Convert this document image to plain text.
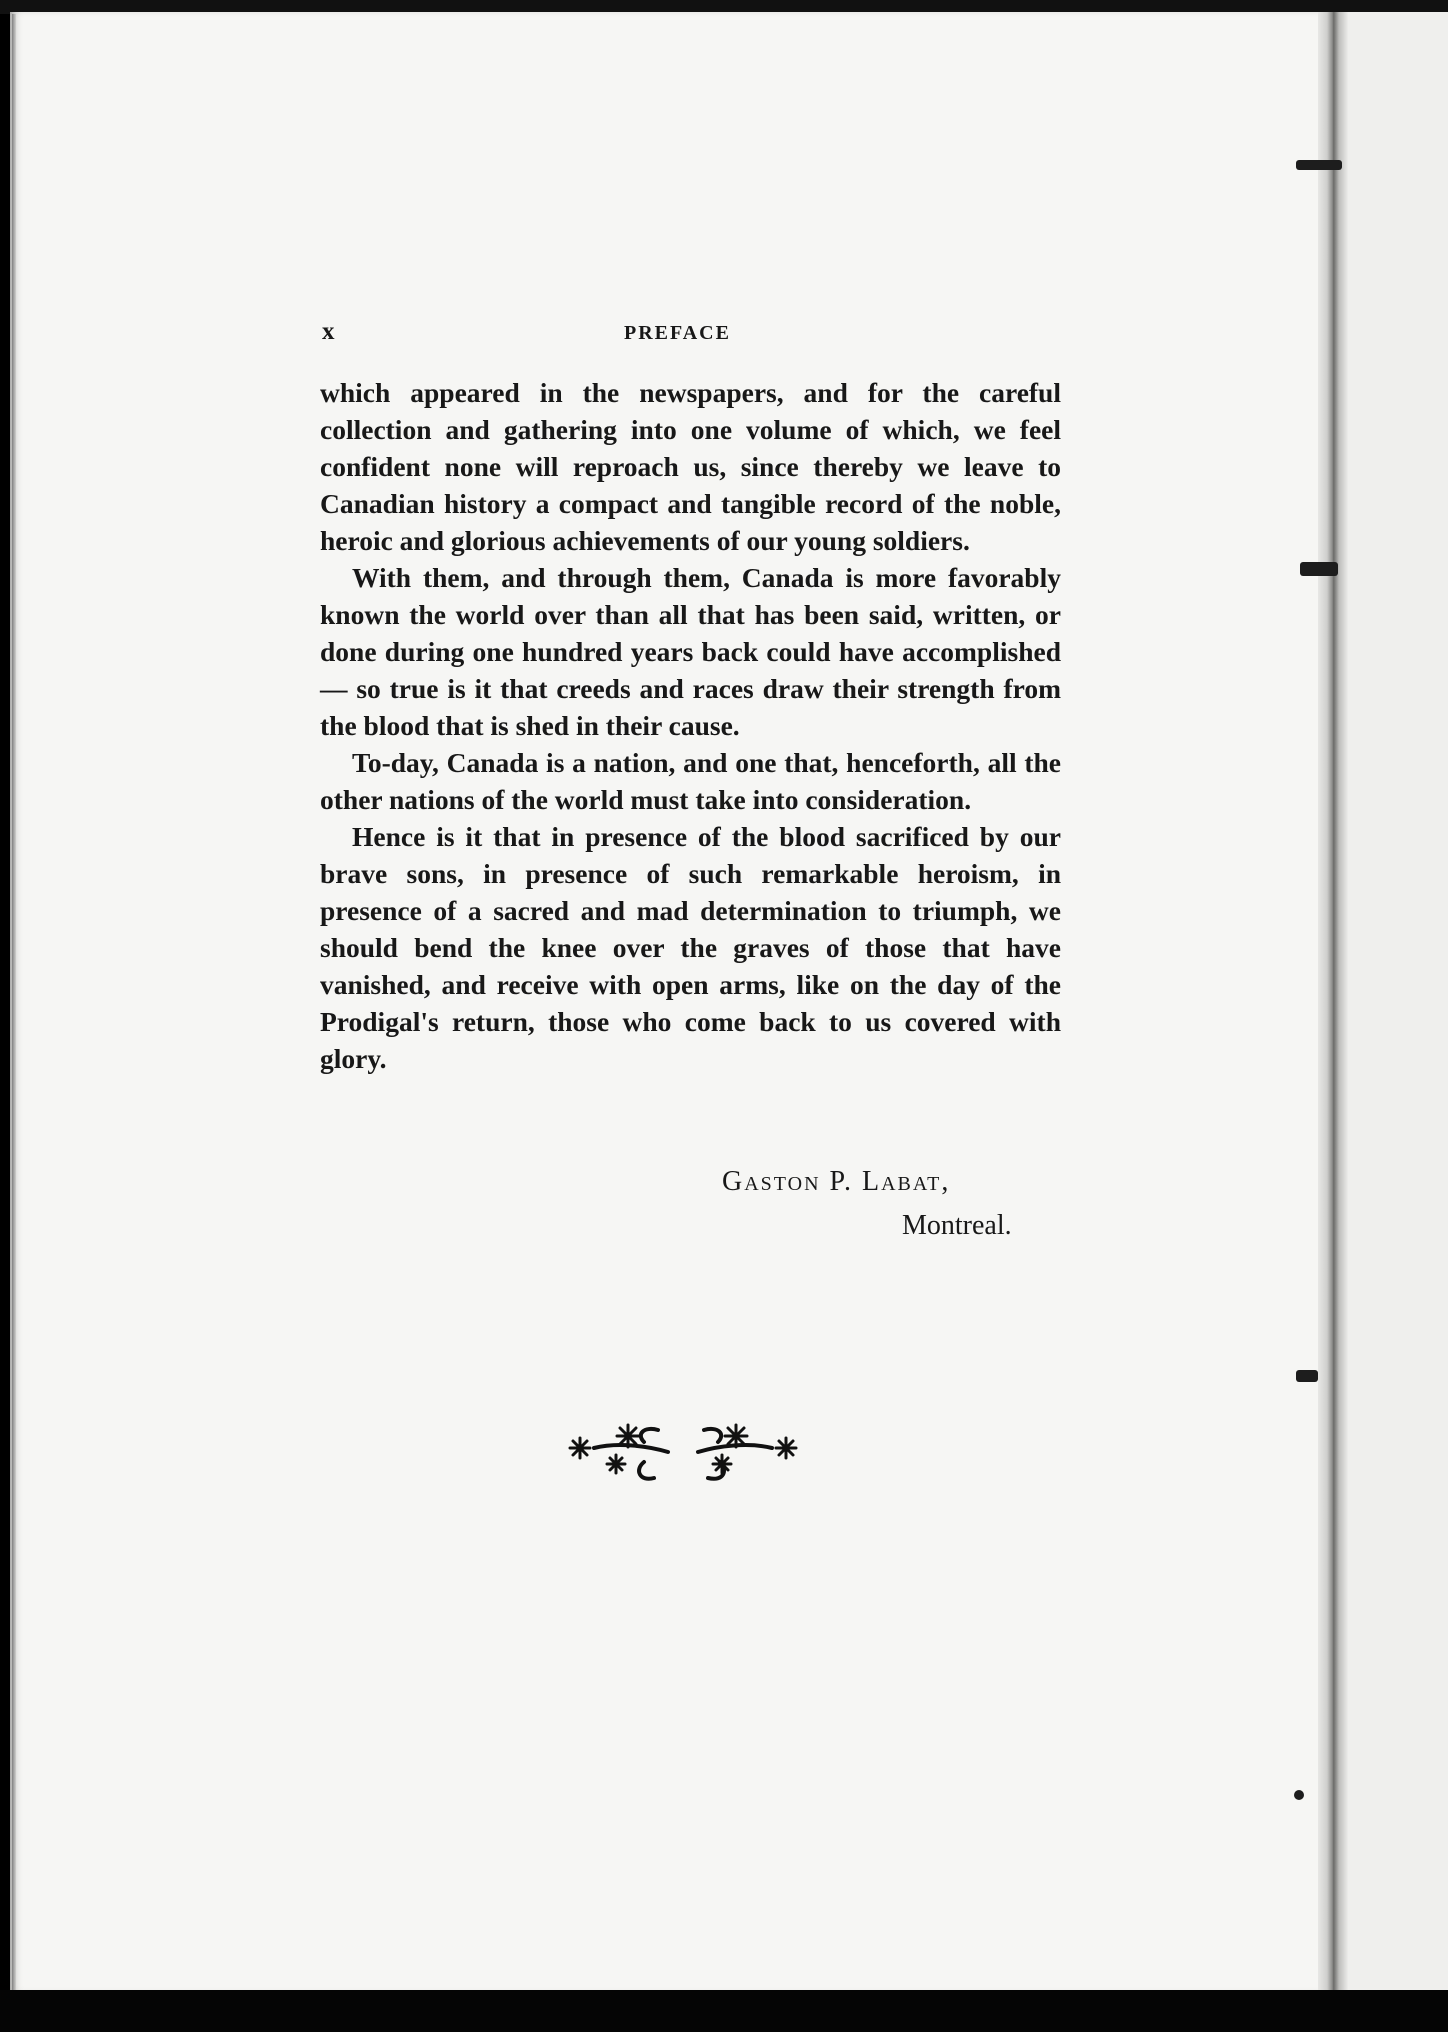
x	PREFACE

which appeared in the newspapers, and for the careful collection and gathering into one volume of which, we feel confident none will reproach us, since thereby we leave to Canadian history a compact and tangible record of the noble, heroic and glorious achievements of our young soldiers.

With them, and through them, Canada is more favorably known the world over than all that has been said, written, or done during one hundred years back could have accomplished — so true is it that creeds and races draw their strength from the blood that is shed in their cause.

To-day, Canada is a nation, and one that, henceforth, all the other nations of the world must take into consideration.

Hence is it that in presence of the blood sacrificed by our brave sons, in presence of such remarkable heroism, in presence of a sacred and mad determination to triumph, we should bend the knee over the graves of those that have vanished, and receive with open arms, like on the day of the Prodigal's return, those who come back to us covered with glory.

Gaston P. Labat,
Montreal.
